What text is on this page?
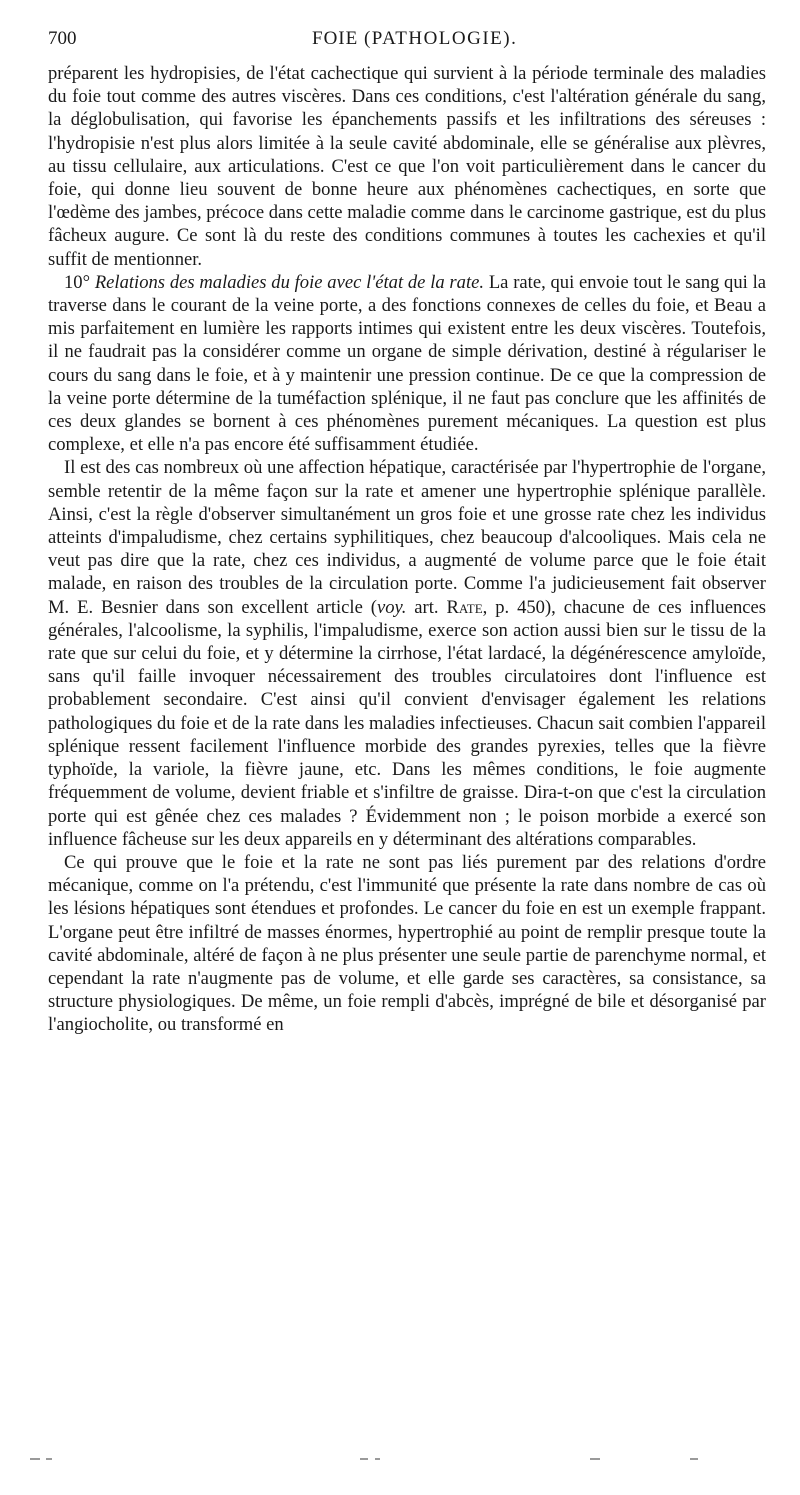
700	FOIE (PATHOLOGIE).

préparent les hydropisies, de l'état cachectique qui survient à la période terminale des maladies du foie tout comme des autres viscères. Dans ces conditions, c'est l'altération générale du sang, la déglobulisation, qui favorise les épanchements passifs et les infiltrations des séreuses : l'hydropisie n'est plus alors limitée à la seule cavité abdominale, elle se généralise aux plèvres, au tissu cellulaire, aux articulations. C'est ce que l'on voit particulièrement dans le cancer du foie, qui donne lieu souvent de bonne heure aux phénomènes cachectiques, en sorte que l'œdème des jambes, précoce dans cette maladie comme dans le carcinome gastrique, est du plus fâcheux augure. Ce sont là du reste des conditions communes à toutes les cachexies et qu'il suffit de mentionner.

10° Relations des maladies du foie avec l'état de la rate. La rate, qui envoie tout le sang qui la traverse dans le courant de la veine porte, a des fonctions connexes de celles du foie, et Beau a mis parfaitement en lumière les rapports intimes qui existent entre les deux viscères. Toutefois, il ne faudrait pas la considérer comme un organe de simple dérivation, destiné à régulariser le cours du sang dans le foie, et à y maintenir une pression continue. De ce que la compression de la veine porte détermine de la tuméfaction splénique, il ne faut pas conclure que les affinités de ces deux glandes se bornent à ces phénomènes purement mécaniques. La question est plus complexe, et elle n'a pas encore été suffisamment étudiée.

Il est des cas nombreux où une affection hépatique, caractérisée par l'hypertrophie de l'organe, semble retentir de la même façon sur la rate et amener une hypertrophie splénique parallèle. Ainsi, c'est la règle d'observer simultanément un gros foie et une grosse rate chez les individus atteints d'impaludisme, chez certains syphilitiques, chez beaucoup d'alcooliques. Mais cela ne veut pas dire que la rate, chez ces individus, a augmenté de volume parce que le foie était malade, en raison des troubles de la circulation porte. Comme l'a judicieusement fait observer M. E. Besnier dans son excellent article (voy. art. Rate, p. 450), chacune de ces influences générales, l'alcoolisme, la syphilis, l'impaludisme, exerce son action aussi bien sur le tissu de la rate que sur celui du foie, et y détermine la cirrhose, l'état lardacé, la dégénérescence amyloïde, sans qu'il faille invoquer nécessairement des troubles circulatoires dont l'influence est probablement secondaire. C'est ainsi qu'il convient d'envisager également les relations pathologiques du foie et de la rate dans les maladies infectieuses. Chacun sait combien l'appareil splénique ressent facilement l'influence morbide des grandes pyrexies, telles que la fièvre typhoïde, la variole, la fièvre jaune, etc. Dans les mêmes conditions, le foie augmente fréquemment de volume, devient friable et s'infiltre de graisse. Dira-t-on que c'est la circulation porte qui est gênée chez ces malades ? Évidemment non ; le poison morbide a exercé son influence fâcheuse sur les deux appareils en y déterminant des altérations comparables.

Ce qui prouve que le foie et la rate ne sont pas liés purement par des relations d'ordre mécanique, comme on l'a prétendu, c'est l'immunité que présente la rate dans nombre de cas où les lésions hépatiques sont étendues et profondes. Le cancer du foie en est un exemple frappant. L'organe peut être infiltré de masses énormes, hypertrophié au point de remplir presque toute la cavité abdominale, altéré de façon à ne plus présenter une seule partie de parenchyme normal, et cependant la rate n'augmente pas de volume, et elle garde ses caractères, sa consistance, sa structure physiologiques. De même, un foie rempli d'abcès, imprégné de bile et désorganisé par l'angiocholite, ou transformé en
